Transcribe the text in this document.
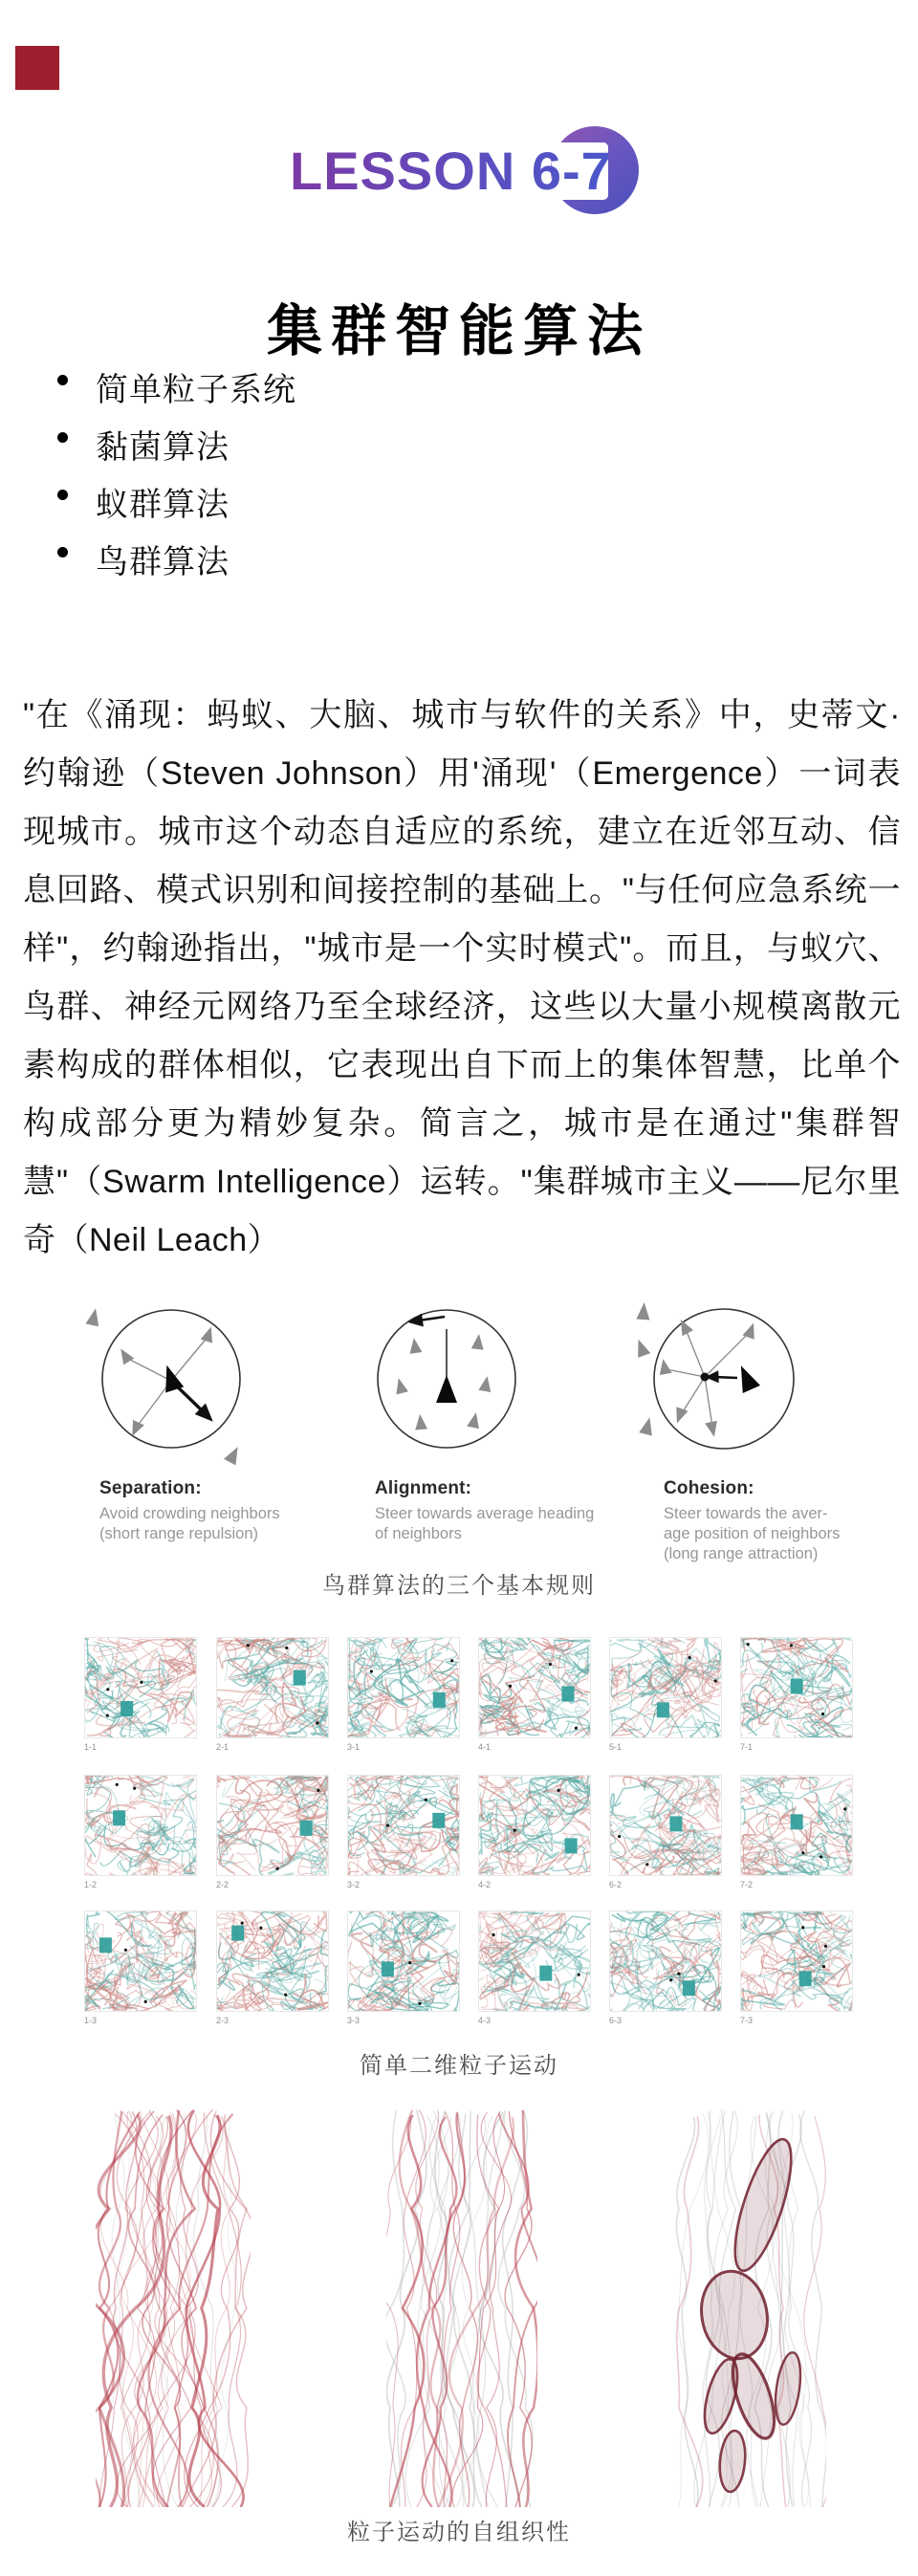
LESSON 6-7
集群智能算法
简单粒子系统
黏菌算法
蚁群算法
鸟群算法

"在《涌现：蚂蚁、大脑、城市与软件的关系》中，史蒂文·约翰逊（Steven Johnson）用'涌现'（Emergence）一词表现城市。城市这个动态自适应的系统，建立在近邻互动、信息回路、模式识别和间接控制的基础上。"与任何应急系统一样"，约翰逊指出，"城市是一个实时模式"。而且，与蚁穴、鸟群、神经元网络乃至全球经济，这些以大量小规模离散元素构成的群体相似，它表现出自下而上的集体智慧，比单个构成部分更为精妙复杂。简言之，城市是在通过"集群智慧"（Swarm Intelligence）运转。"集群城市主义——尼尔里奇（Neil Leach）

Separation:
Avoid crowding neighbors
(short range repulsion)
Alignment:
Steer towards average heading
of neighbors
Cohesion:
Steer towards the aver-
age position of neighbors
(long range attraction)
鸟群算法的三个基本规则
1-1	2-1	3-1	4-1	5-1	7-1
1-2	2-2	3-2	4-2	6-2	7-2
1-3	2-3	3-3	4-3	6-3	7-3
简单二维粒子运动
粒子运动的自组织性
